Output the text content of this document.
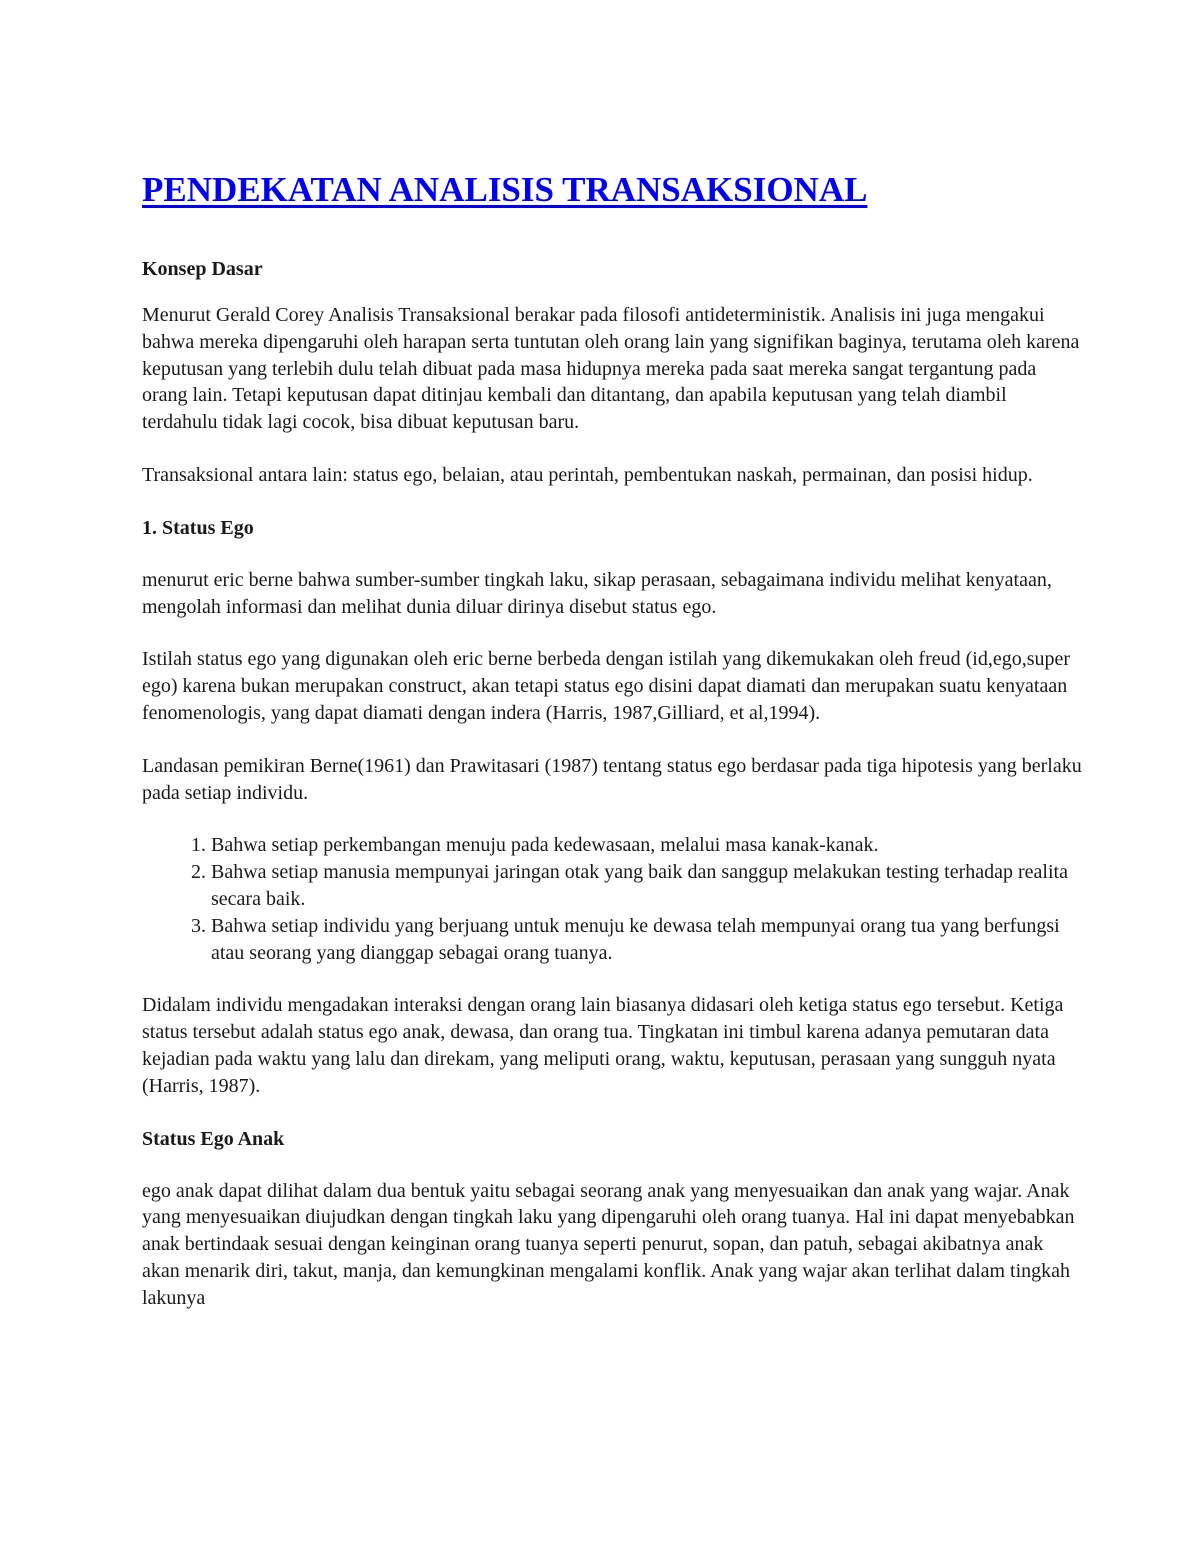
PENDEKATAN ANALISIS TRANSAKSIONAL

Konsep Dasar

Menurut Gerald Corey Analisis Transaksional berakar pada filosofi antideterministik. Analisis ini juga mengakui bahwa mereka dipengaruhi oleh harapan serta tuntutan oleh orang lain yang signifikan baginya, terutama oleh karena keputusan yang terlebih dulu telah dibuat pada masa hidupnya mereka pada saat mereka sangat tergantung pada orang lain. Tetapi keputusan dapat ditinjau kembali dan ditantang, dan apabila keputusan yang telah diambil terdahulu tidak lagi cocok, bisa dibuat keputusan baru.

Transaksional antara lain: status ego, belaian, atau perintah, pembentukan naskah, permainan, dan posisi hidup.

1. Status Ego

menurut eric berne bahwa sumber-sumber tingkah laku, sikap perasaan, sebagaimana individu melihat kenyataan, mengolah informasi dan melihat dunia diluar dirinya disebut status ego.

Istilah status ego yang digunakan oleh eric berne berbeda dengan istilah yang dikemukakan oleh freud (id,ego,super ego) karena bukan merupakan construct, akan tetapi status ego disini dapat diamati dan merupakan suatu kenyataan fenomenologis, yang dapat diamati dengan indera (Harris, 1987,Gilliard, et al,1994).

Landasan pemikiran Berne(1961) dan Prawitasari (1987) tentang status ego berdasar pada tiga hipotesis yang berlaku pada setiap individu.

1. Bahwa setiap perkembangan menuju pada kedewasaan, melalui masa kanak-kanak.
2. Bahwa setiap manusia mempunyai jaringan otak yang baik dan sanggup melakukan testing terhadap realita secara baik.
3. Bahwa setiap individu yang berjuang untuk menuju ke dewasa telah mempunyai orang tua yang berfungsi atau seorang yang dianggap sebagai orang tuanya.

Didalam individu mengadakan interaksi dengan orang lain biasanya didasari oleh ketiga status ego tersebut. Ketiga status tersebut adalah status ego anak, dewasa, dan orang tua. Tingkatan ini timbul karena adanya pemutaran data kejadian pada waktu yang lalu dan direkam, yang meliputi orang, waktu, keputusan, perasaan yang sungguh nyata (Harris, 1987).

Status Ego Anak

ego anak dapat dilihat dalam dua bentuk yaitu sebagai seorang anak yang menyesuaikan dan anak yang wajar. Anak yang menyesuaikan diujudkan dengan tingkah laku yang dipengaruhi oleh orang tuanya. Hal ini dapat menyebabkan anak bertindaak sesuai dengan keinginan orang tuanya seperti penurut, sopan, dan patuh, sebagai akibatnya anak akan menarik diri, takut, manja, dan kemungkinan mengalami konflik. Anak yang wajar akan terlihat dalam tingkah lakunya
